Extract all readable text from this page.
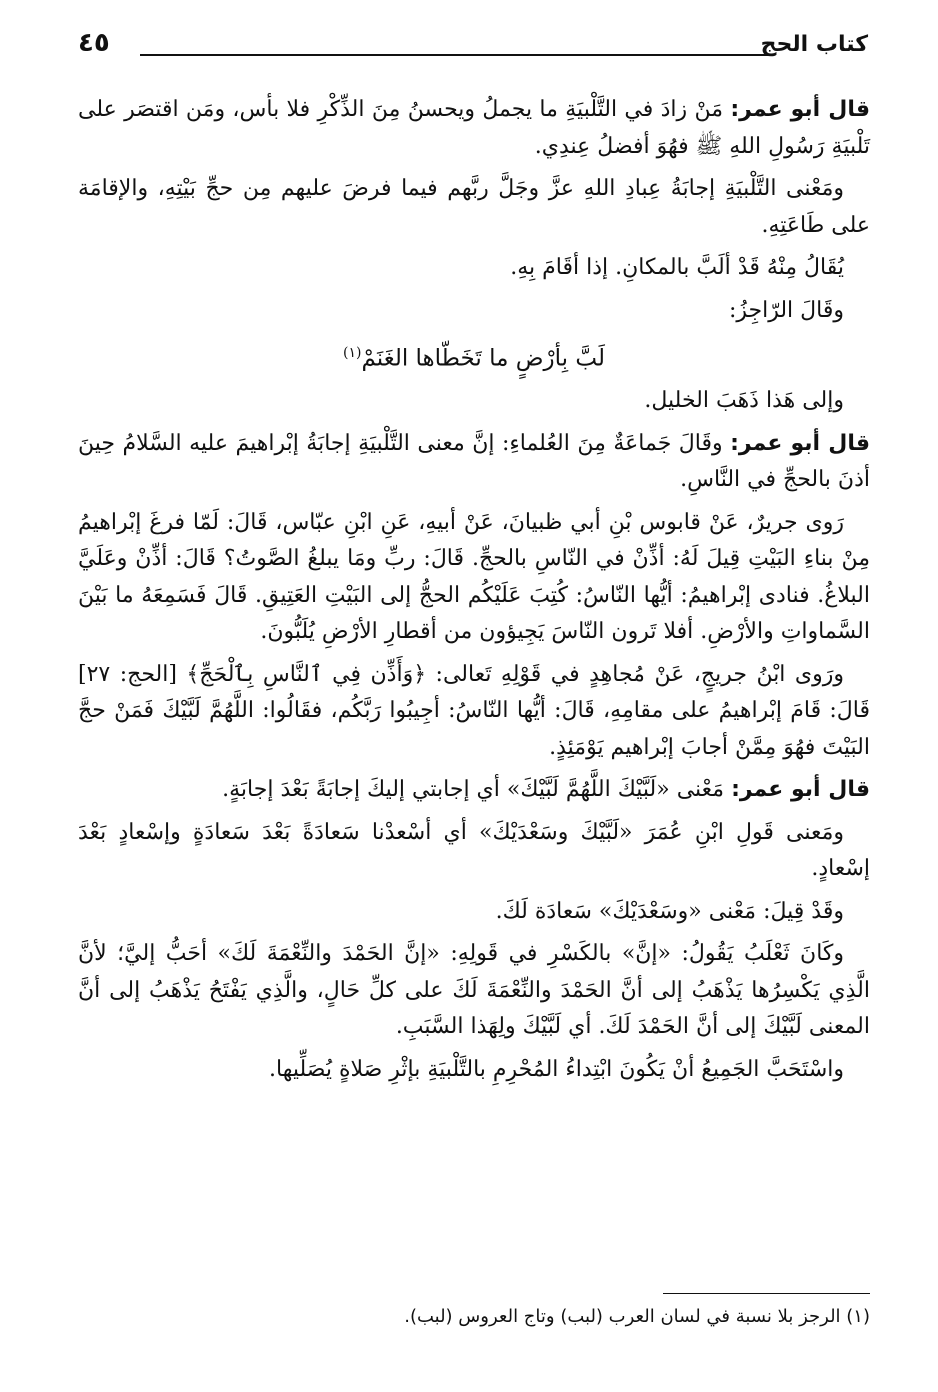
كتاب الحج
٤٥

قال أبو عمر: مَنْ زادَ في التَّلْبيَةِ ما يجملُ ويحسنُ مِنَ الذِّكْرِ فلا بأس، ومَن اقتصَر على تَلْبيَةِ رَسُولِ اللهِ ﷺ فهُوَ أفضلُ عِندِي.

ومَعْنى التَّلْبيَةِ إجابَةُ عِبادِ اللهِ عزَّ وجَلَّ ربَّهم فيما فرضَ عليهم مِن حجِّ بَيْتِهِ، والإقامَة على طَاعَتِهِ.

يُقَالُ مِنْهُ قَدْ ألَبَّ بالمكانِ. إذا أقَامَ بِهِ.

وقَالَ الرّاجِزُ:

لَبَّ بِأرْضٍ ما تَخَطّاها الغَنَمْ$^{(١)}$

وإلى هَذا ذَهَبَ الخليل.

قال أبو عمر: وقَالَ جَماعَةٌ مِنَ العُلماءِ: إنَّ معنى التَّلْبيَةِ إجابَةُ إبْراهيمَ عليه السَّلامُ حِينَ أذنَ بالحجِّ في النَّاسِ.

رَوى جريرٌ، عَنْ قابوس بْنِ أبي ظبيانَ، عَنْ أبيهِ، عَنِ ابْنِ عبّاس، قَالَ: لَمّا فرغَ إبْراهيمُ مِنْ بناءِ البَيْتِ قِيلَ لَهُ: أذِّنْ في النّاسِ بالحجِّ. قَالَ: ربِّ ومَا يبلغُ الصَّوتُ؟ قَالَ: أذِّنْ وعَلَيَّ البلاغُ. فنادى إبْراهيمُ: أيُّها النّاسُ: كُتِبَ عَلَيْكُم الحجُّ إلى البَيْتِ العَتِيقِ. قَالَ فَسَمِعَهُ ما بَيْنَ السَّماواتِ والأرْضِ. أفلا تَرون النّاسَ يَجِيؤون من أقطارِ الأرْضِ يُلَبُّونَ.

ورَوى ابْنُ جريجٍ، عَنْ مُجاهِدٍ في قَوْلِهِ تَعالى: ﴿وَأَذِّن فِي ٱلنَّاسِ بِٱلْحَجِّ﴾ [الحج: ٢٧] قَالَ: قَامَ إبْراهيمُ على مقامِهِ، قَالَ: أيُّها النّاسُ: أجِيبُوا رَبَّكُم، فقَالُوا: اللَّهُمَّ لَبَّيْكَ فَمَنْ حجَّ البَيْتَ فهُوَ مِمَّنْ أجابَ إبْراهيم يَوْمَئِذٍ.

قال أبو عمر: مَعْنى «لَبَّيْكَ اللَّهُمَّ لَبَّيْكَ» أي إجابتي إليكَ إجابَةً بَعْدَ إجابَةٍ.

ومَعنى قَولِ ابْنِ عُمَرَ «لَبَّيْكَ وسَعْدَيْكَ» أي أسْعدْنا سَعادَةً بَعْدَ سَعادَةٍ وإسْعادٍ بَعْدَ إسْعادٍ.

وقَدْ قِيلَ: مَعْنى «وسَعْدَيْكَ» سَعادَة لَكَ.

وكَانَ ثَعْلَبُ يَقُولُ: «إنَّ» بالكَسْرِ في قَولِهِ: «إنَّ الحَمْدَ والنِّعْمَةَ لَكَ» أحَبُّ إليَّ؛ لأنَّ الَّذِي يَكْسِرُها يَذْهَبُ إلى أنَّ الحَمْدَ والنِّعْمَةَ لَكَ على كلِّ حَالٍ، والَّذِي يَفْتَحُ يَذْهَبُ إلى أنَّ المعنى لَبَّيْكَ إلى أنَّ الحَمْدَ لَكَ. أي لَبَّيْكَ ولِهَذا السَّبَبِ.

واسْتَحَبَّ الجَمِيعُ أنْ يَكُونَ ابْتِداءُ المُحْرِمِ بالتَّلْبيَةِ بإثْرِ صَلاةٍ يُصَلِّيها.

(١) الرجز بلا نسبة في لسان العرب (لبب) وتاج العروس (لبب).
